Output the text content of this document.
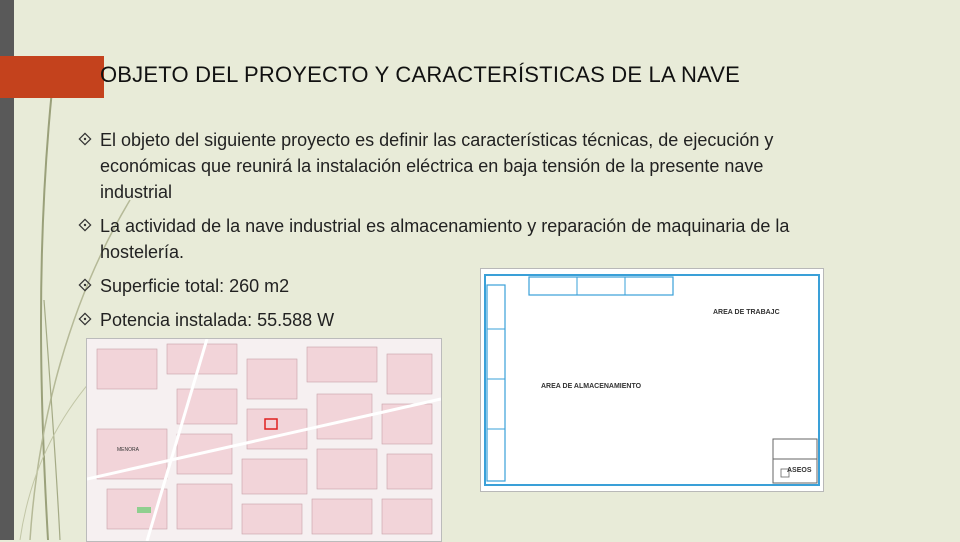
OBJETO DEL PROYECTO Y CARACTERÍSTICAS DE LA NAVE
El objeto del siguiente proyecto es definir las características técnicas, de ejecución y
económicas que reunirá la instalación eléctrica en baja tensión de la presente nave
industrial
La actividad de la nave industrial es almacenamiento y reparación de maquinaria de la
hostelería.
Superficie total: 260 m2
Potencia instalada: 55.588 W	AREA DE TRABAJC
AREA DE ALMACENAMIENTO
ASEOS
MENORA
